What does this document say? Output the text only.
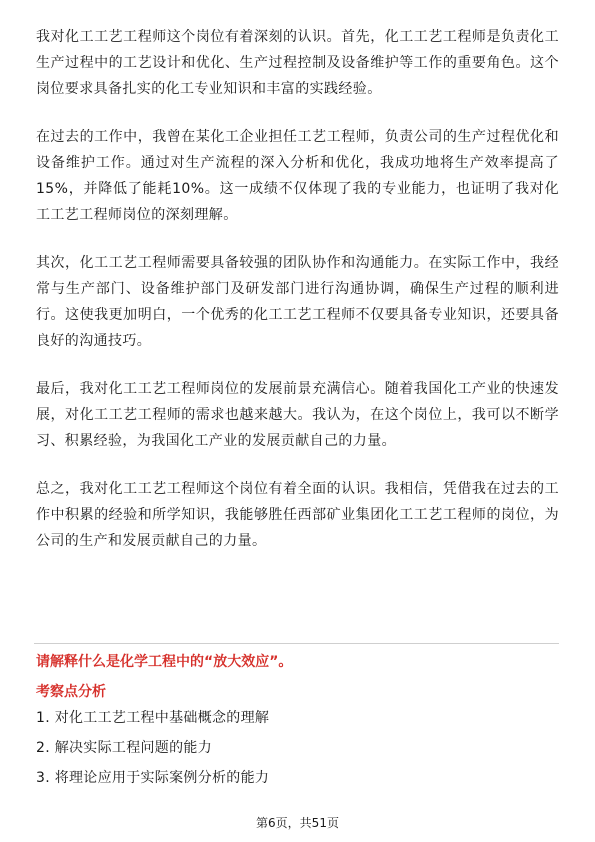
我对化工工艺工程师这个岗位有着深刻的认识。首先，化工工艺工程师是负责化工生产过程中的工艺设计和优化、生产过程控制及设备维护等工作的重要角色。这个岗位要求具备扎实的化工专业知识和丰富的实践经验。

在过去的工作中，我曾在某化工企业担任工艺工程师，负责公司的生产过程优化和设备维护工作。通过对生产流程的深入分析和优化，我成功地将生产效率提高了15%，并降低了能耗10%。这一成绩不仅体现了我的专业能力，也证明了我对化工工艺工程师岗位的深刻理解。

其次，化工工艺工程师需要具备较强的团队协作和沟通能力。在实际工作中，我经常与生产部门、设备维护部门及研发部门进行沟通协调，确保生产过程的顺利进行。这使我更加明白，一个优秀的化工工艺工程师不仅要具备专业知识，还要具备良好的沟通技巧。

最后，我对化工工艺工程师岗位的发展前景充满信心。随着我国化工产业的快速发展，对化工工艺工程师的需求也越来越大。我认为，在这个岗位上，我可以不断学习、积累经验，为我国化工产业的发展贡献自己的力量。

总之，我对化工工艺工程师这个岗位有着全面的认识。我相信，凭借我在过去的工作中积累的经验和所学知识，我能够胜任西部矿业集团化工工艺工程师的岗位，为公司的生产和发展贡献自己的力量。

请解释什么是化学工程中的“放大效应”。

考察点分析

1. 对化工工艺工程中基础概念的理解
2. 解决实际工程问题的能力
3. 将理论应用于实际案例分析的能力
第6页，共51页
